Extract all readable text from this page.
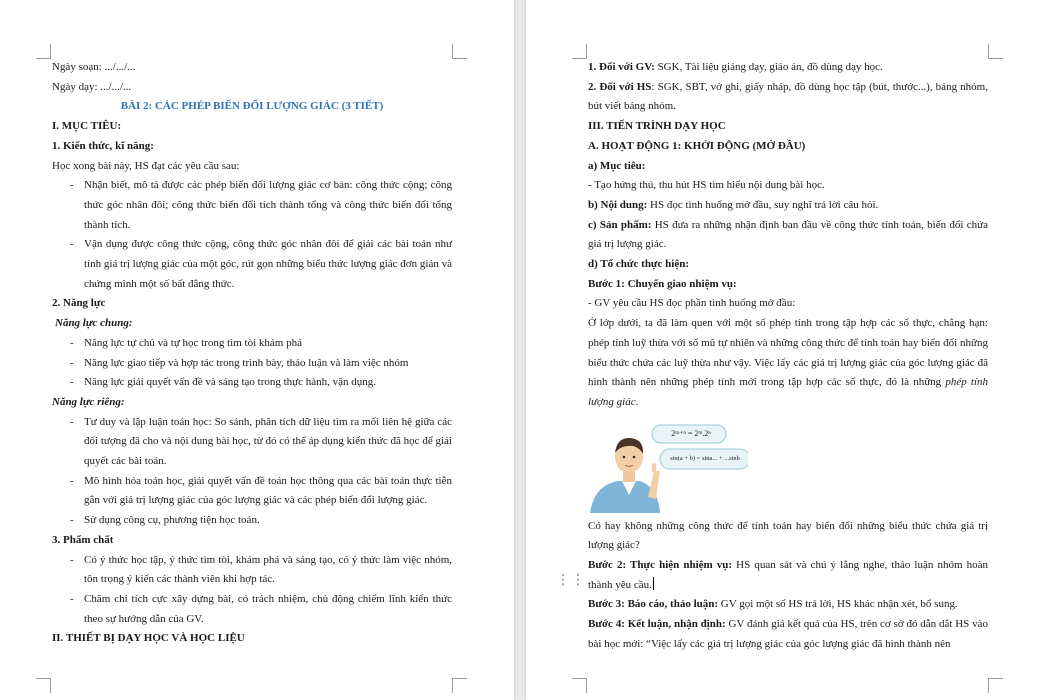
Ngày soạn: .../.../...

Ngày dạy: .../.../...

BÀI 2: CÁC PHÉP BIẾN ĐỔI LƯỢNG GIÁC (3 TIẾT)

I. MỤC TIÊU:

1. Kiến thức, kĩ năng:

Học xong bài này, HS đạt các yêu cầu sau:

- Nhận biết, mô tả được các phép biến đổi lượng giác cơ bản: công thức cộng; công thức góc nhân đôi; công thức biến đổi tích thành tổng và công thức biến đổi tổng thành tích.
- Vận dụng được công thức cộng, công thức góc nhân đôi để giải các bài toán như tính giá trị lượng giác của một góc, rút gọn những biểu thức lượng giác đơn giản và chứng minh một số bất đẳng thức.

2. Năng lực

Năng lực chung:

- Năng lực tự chủ và tự học trong tìm tòi khám phá
- Năng lực giao tiếp và hợp tác trong trình bày, thảo luận và làm việc nhóm
- Năng lực giải quyết vấn đề và sáng tạo trong thực hành, vận dụng.

Năng lực riêng:

- Tư duy và lập luận toán học: So sánh, phân tích dữ liệu tìm ra mối liên hệ giữa các đối tượng đã cho và nội dung bài học, từ đó có thể áp dụng kiến thức đã học để giải quyết các bài toán.
- Mô hình hóa toán học, giải quyết vấn đề toán học thông qua các bài toán thực tiễn gắn với giá trị lượng giác của góc lượng giác và các phép biến đổi lượng giác.
- Sử dụng công cụ, phương tiện học toán.

3. Phẩm chất

- Có ý thức học tập, ý thức tìm tòi, khám phá và sáng tạo, có ý thức làm việc nhóm, tôn trọng ý kiến các thành viên khi hợp tác.
- Chăm chỉ tích cực xây dựng bài, có trách nhiệm, chủ động chiếm lĩnh kiến thức theo sự hướng dẫn của GV.

II. THIẾT BỊ DẠY HỌC VÀ HỌC LIỆU

1. Đối với GV: SGK, Tài liệu giảng dạy, giáo án, đồ dùng dạy học.

2. Đối với HS: SGK, SBT, vở ghi, giấy nháp, đồ dùng học tập (bút, thước...), bảng nhóm, bút viết bảng nhóm.

III. TIẾN TRÌNH DẠY HỌC

A. HOẠT ĐỘNG 1: KHỞI ĐỘNG (MỞ ĐẦU)

a) Mục tiêu:

- Tạo hứng thú, thu hút HS tìm hiểu nội dung bài học.

b) Nội dung: HS đọc tình huống mở đầu, suy nghĩ trả lời câu hỏi.

c) Sản phẩm: HS đưa ra những nhận định ban đầu về công thức tính toán, biến đổi chứa giá trị lượng giác.

d) Tổ chức thực hiện:

Bước 1: Chuyển giao nhiệm vụ:

- GV yêu cầu HS đọc phần tình huống mở đầu:

Ở lớp dưới, ta đã làm quen với một số phép tính trong tập hợp các số thực, chẳng hạn: phép tính luỹ thừa với số mũ tự nhiên và những công thức để tính toán hay biến đổi những biểu thức chứa các luỹ thừa như vậy. Việc lấy các giá trị lượng giác của góc lượng giác đã hình thành nên những phép tính mới trong tập hợp các số thực, đó là những phép tính lượng giác.

2ᵐ⁺ⁿ = 2ᵐ.2ⁿ
sin(a + b) = sina... + ...sinb

Có hay không những công thức để tính toán hay biến đổi những biểu thức chứa giá trị lượng giác?

Bước 2: Thực hiện nhiệm vụ: HS quan sát và chú ý lắng nghe, thảo luận nhóm hoàn thành yêu cầu.

Bước 3: Báo cáo, thảo luận: GV gọi một số HS trả lời, HS khác nhận xét, bổ sung.

Bước 4: Kết luận, nhận định: GV đánh giá kết quả của HS, trên cơ sở đó dẫn dắt HS vào bài học mới: “Việc lấy các giá trị lượng giác của góc lượng giác đã hình thành nên

⋮⋮
